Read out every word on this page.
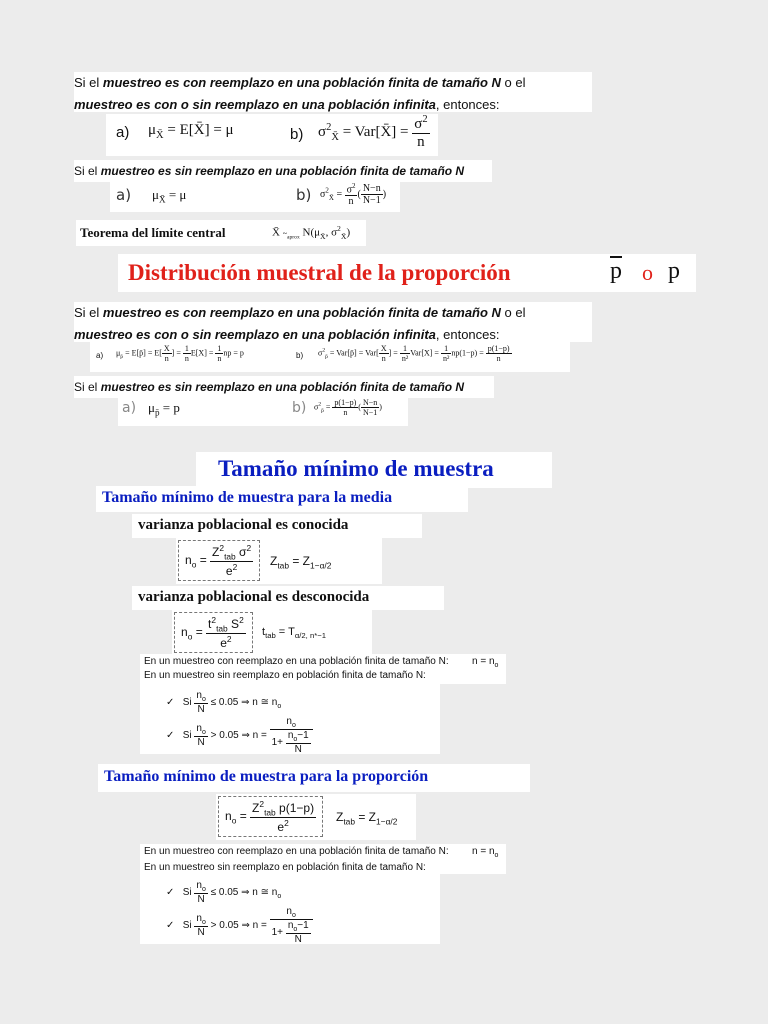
Si el muestreo es con reemplazo en una población finita de tamaño N o el
muestreo es con o sin reemplazo en una población infinita, entonces:
a) $\mu_{X̄}$ = E[X̄] = μ	b) $\sigma^2_{X̄}$ = Var[X̄] = $\frac{\sigma^2}{n}$
Si el muestreo es sin reemplazo en una población finita de tamaño N
a) $\mu_{X̄} = \mu$	b) $\sigma^2_{X̄} = \frac{\sigma^2}{n}$ ( $\frac{N-n}{N-1}$ )
Teorema del límite central	X̄ $\sim_{aprox}$ $N(\mu_{X̄}$, $\sigma^2_{X̄}$)
Distribución muestral de la proporción	$\overline{p}$ o p
Si el muestreo es con reemplazo en una población finita de tamaño N o el
muestreo es con o sin reemplazo en una población infinita, entonces:
a) $\mu_{p̄}$ = E[p̄] = $E[ \frac{X}{n}$ ] = $\frac{1}{n} E[X] = \frac{1}{n}$ np = p	b) $\sigma^2_{p̄}$ = Var[p̄] = $Var[ \frac{X}{n}$ ] = $\frac{1}{\text{n²}} Var[X] = \frac{1}{\text{n²}} np(1-p) = \frac{p(1-p)}{n}$
Si el muestreo es sin reemplazo en una población finita de tamaño N
a) $\mu_{p̄} = p$	b) $\sigma^2_{p̄} = \frac{p(1-p)}{n}$ ( $\frac{N-n}{N-1}$ )
Tamaño mínimo de muestra
Tamaño mínimo de muestra para la media
varianza poblacional es conocida
$n_o = \frac{Z^2_{tab} \sigma^2}{e^2} Z_{tab} = Z_{1-\alpha/2}$
varianza poblacional es desconocida
$n_o = \frac{t^2_{tab} S^2}{e^2} t_{tab} = T_{\alpha/2, n*-1}$
En un muestreo con reemplazo en una población finita de tamaño N: $n = n_o$
En un muestreo sin reemplazo en población finita de tamaño N:
✓   Si $\frac{n_o}{N} \le 0.05$ ⇒ n ≅ $n_o$
✓   Si $\frac{n_o}{N} > 0.05$ ⇒ $n = \frac{n_o}{1+ \frac{n_o-1}{N}}$
Tamaño mínimo de muestra para la proporción
$n_o = \frac{Z^2_{tab} p(1-p)}{e^2} Z_{tab} = Z_{1-\alpha/2}$
En un muestreo con reemplazo en una población finita de tamaño N: $n = n_o$
En un muestreo sin reemplazo en población finita de tamaño N:
✓   Si $\frac{n_o}{N} \le 0.05$ ⇒ n ≅ $n_o$
✓   Si $\frac{n_o}{N} > 0.05$ ⇒ $n = \frac{n_o}{1+ \frac{n_o-1}{N}}$
